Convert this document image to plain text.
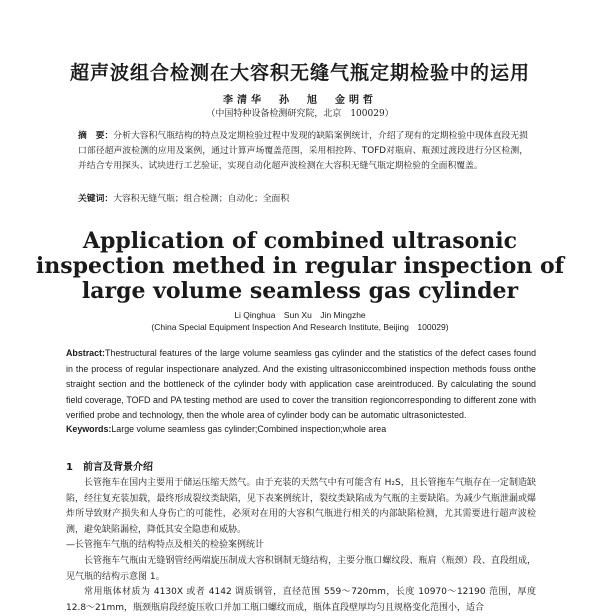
超声波组合检测在大容积无缝气瓶定期检验中的运用
李清华　孙　旭　金明哲
（中国特种设备检测研究院，北京　100029）
摘　要：分析大容积气瓶结构的特点及定期检验过程中发现的缺陷案例统计，介绍了现有的定期检验中现体直段无损口部径超声波检测的应用及案例，通过计算声场覆盖范围，采用相控阵、TOFD对瓶肩、瓶颈过渡段进行分区检测，并结合专用探头、试块进行工艺验证，实现自动化超声波检测在大容积无缝气瓶定期检验的全面积覆盖。
关键词：大容积无缝气瓶；组合检测；自动化；全面积
Application of combined ultrasonic
inspection methed in regular inspection of
large volume seamless gas cylinder
Li Qinghua　Sun Xu　Jin Mingzhe
(China Special Equipment Inspection And Research Institute, Beijing　100029)
Abstract:Thestructural features of the large volume seamless gas cylinder and the statistics of the defect cases found in the process of regular inspectionare analyzed. And the existing ultrasoniccombined inspection methods fouss onthe straight section and the bottleneck of the cylinder body with application case areintroduced. By calculating the sound field coverage, TOFD and PA testing method are used to cover the transition regioncorresponding to different zone with verified probe and technology, then the whole area of cylinder body can be automatic ultrasonictested.
Keywords:Large volume seamless gas cylinder;Combined inspection;whole area
1　前言及背景介绍

长管拖车在国内主要用于储运压缩天然气。由于充装的天然气中有可能含有 H₂S，且长管拖车气瓶存在一定制造缺陷，经往复充装加载，最终形成裂纹类缺陷，见下表案例统计，裂纹类缺陷成为气瓶的主要缺陷。为减少气瓶泄漏或爆炸所导致财产损失和人身伤亡的可能性，必须对在用的大容积气瓶进行相关的内部缺陷检测，尤其需要进行超声波检测，避免缺陷漏检，降低其安全隐患和威胁。

—长管拖车气瓶的结构特点及相关的检验案例统计

长管拖车气瓶由无缝钢管经两端旋压制成大容积钢制无缝结构，主要分瓶口螺纹段、瓶肩（瓶颈）段、直段组成，见气瓶的结构示意图 1。

常用瓶体材质为 4130X 或者 4142 调质钢管，直径范围 559～720mm，长度 10970～12190 范围，厚度 12.8～21mm，瓶颈瓶肩段经旋压收口并加工瓶口螺纹而成，瓶体直段壁厚均匀且规格变化范围小，适合
